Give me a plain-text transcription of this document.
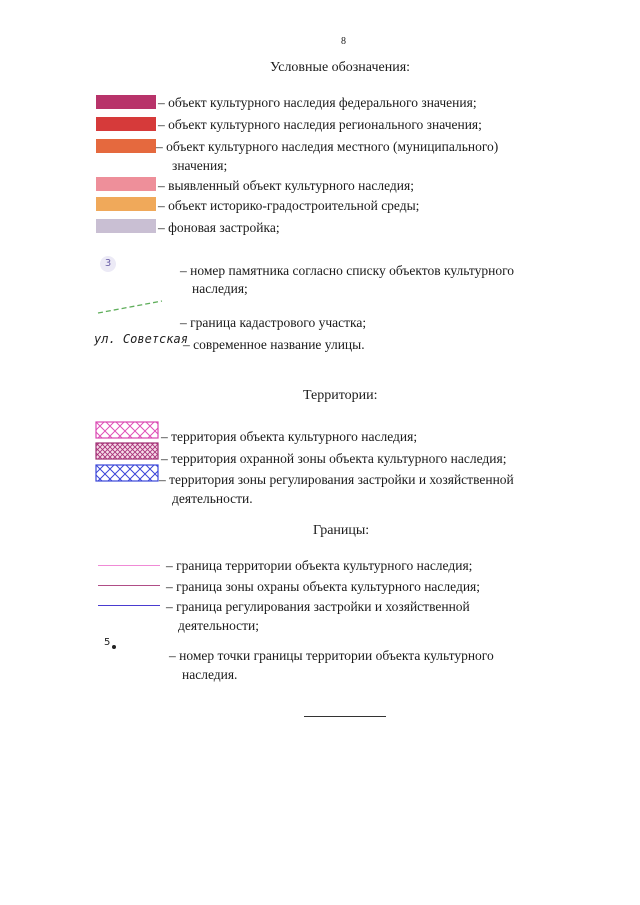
8
Условные обозначения:
– объект культурного наследия федерального значения;
– объект культурного наследия регионального значения;
– объект культурного наследия местного (муниципального)
значения;
– выявленный объект культурного наследия;
– объект историко-градостроительной среды;
– фоновая застройка;
3	– номер памятника согласно списку объектов культурного
наследия;
– граница кадастрового участка;
ул. Советская
– современное название улицы.
Территории:
– территория объекта культурного наследия;
– территория охранной зоны объекта культурного наследия;
– территория зоны регулирования застройки и хозяйственной
деятельности.
Границы:
– граница территории объекта культурного наследия;
– граница зоны охраны объекта культурного наследия;
– граница регулирования застройки и хозяйственной
деятельности;
5
– номер точки границы территории объекта культурного
наследия.
